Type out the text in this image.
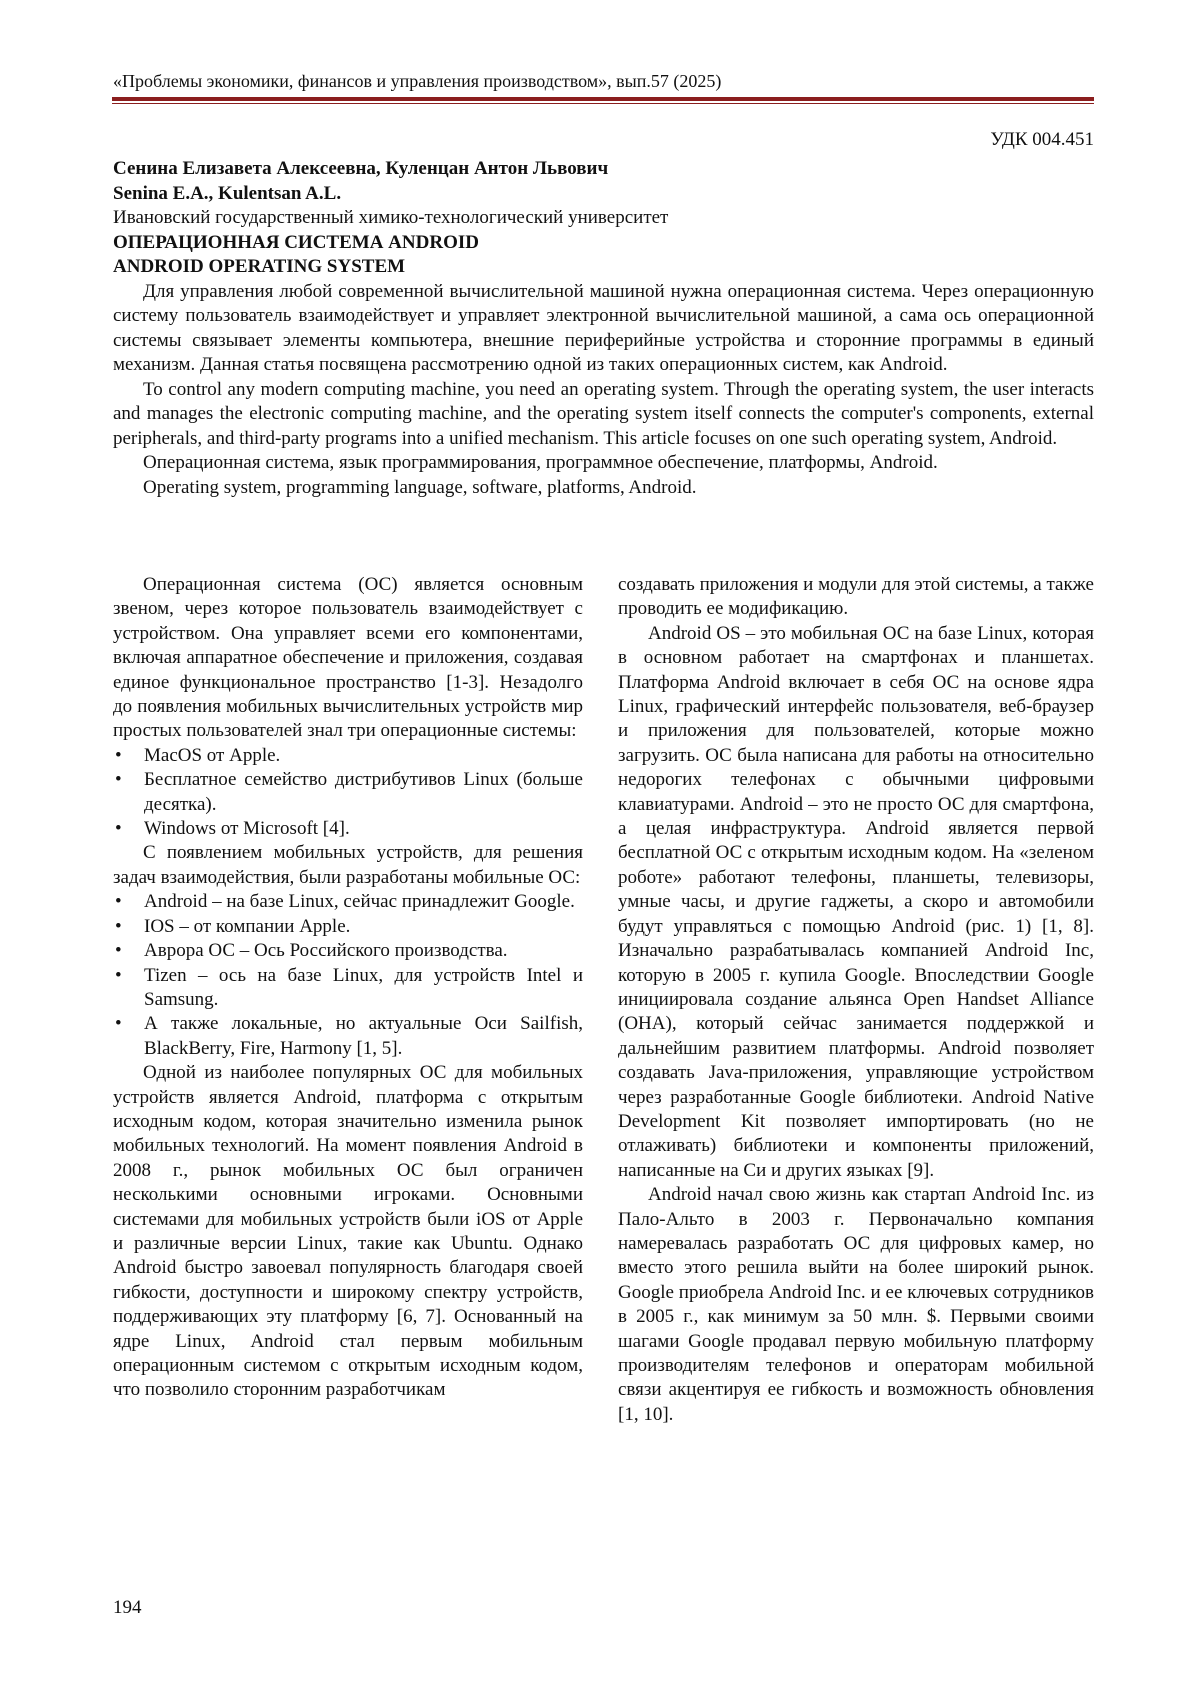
«Проблемы экономики, финансов и управления производством», вып.57 (2025)
УДК 004.451
Сенина Елизавета Алексеевна, Куленцан Антон Львович
Senina E.A., Kulentsan A.L.
Ивановский государственный химико-технологический университет
ОПЕРАЦИОННАЯ СИСТЕМА ANDROID
ANDROID OPERATING SYSTEM

Для управления любой современной вычислительной машиной нужна операционная система. Через операционную систему пользователь взаимодействует и управляет электронной вычислительной машиной, а сама ось операционной системы связывает элементы компьютера, внешние периферийные устройства и сторонние программы в единый механизм. Данная статья посвящена рассмотрению одной из таких операционных систем, как Android.

To control any modern computing machine, you need an operating system. Through the operating system, the user interacts and manages the electronic computing machine, and the operating system itself connects the computer's components, external peripherals, and third-party programs into a unified mechanism. This article focuses on one such operating system, Android.

Операционная система, язык программирования, программное обеспечение, платформы, Android.

Operating system, programming language, software, platforms, Android.

Операционная система (ОС) является основным звеном, через которое пользователь взаимодействует с устройством. Она управляет всеми его компонентами, включая аппаратное обеспечение и приложения, создавая единое функциональное пространство [1-3]. Незадолго до появления мобильных вычислительных устройств мир простых пользователей знал три операционные системы:

• MacOS от Apple.
• Бесплатное семейство дистрибутивов Linux (больше десятка).
• Windows от Microsoft [4].

С появлением мобильных устройств, для решения задач взаимодействия, были разработаны мобильные ОС:

• Android – на базе Linux, сейчас принадлежит Google.
• IOS – от компании Apple.
• Аврора ОС – Ось Российского производства.
• Tizen – ось на базе Linux, для устройств Intel и Samsung.
• А также локальные, но актуальные Оси Sailfish, BlackBerry, Fire, Harmony [1, 5].

Одной из наиболее популярных ОС для мобильных устройств является Android, платформа с открытым исходным кодом, которая значительно изменила рынок мобильных технологий. На момент появления Android в 2008 г., рынок мобильных ОС был ограничен несколькими основными игроками. Основными системами для мобильных устройств были iOS от Apple и различные версии Linux, такие как Ubuntu. Однако Android быстро завоевал популярность благодаря своей гибкости, доступности и широкому спектру устройств, поддерживающих эту платформу [6, 7]. Основанный на ядре Linux, Android стал первым мобильным операционным системом с открытым исходным кодом, что позволило сторонним разработчикам

создавать приложения и модули для этой системы, а также проводить ее модификацию.

Android OS – это мобильная ОС на базе Linux, которая в основном работает на смартфонах и планшетах. Платформа Android включает в себя ОС на основе ядра Linux, графический интерфейс пользователя, веб-браузер и приложения для пользователей, которые можно загрузить. ОС была написана для работы на относительно недорогих телефонах с обычными цифровыми клавиатурами. Android – это не просто ОС для смартфона, а целая инфраструктура. Android является первой бесплатной ОС с открытым исходным кодом. На «зеленом роботе» работают телефоны, планшеты, телевизоры, умные часы, и другие гаджеты, а скоро и автомобили будут управляться с помощью Android (рис. 1) [1, 8]. Изначально разрабатывалась компанией Android Inc, которую в 2005 г. купила Google. Впоследствии Google инициировала создание альянса Open Handset Alliance (OHA), который сейчас занимается поддержкой и дальнейшим развитием платформы. Android позволяет создавать Java-приложения, управляющие устройством через разработанные Google библиотеки. Android Native Development Kit позволяет импортировать (но не отлаживать) библиотеки и компоненты приложений, написанные на Си и других языках [9].

Android начал свою жизнь как стартап Android Inc. из Пало-Альто в 2003 г. Первоначально компания намеревалась разработать ОС для цифровых камер, но вместо этого решила выйти на более широкий рынок. Google приобрела Android Inc. и ее ключевых сотрудников в 2005 г., как минимум за 50 млн. $. Первыми своими шагами Google продавал первую мобильную платформу производителям телефонов и операторам мобильной связи акцентируя ее гибкость и возможность обновления [1, 10].

194
